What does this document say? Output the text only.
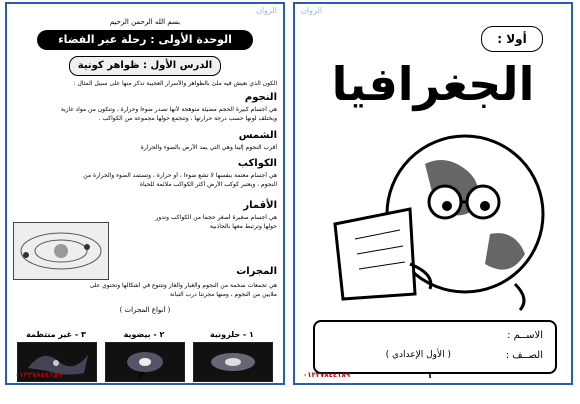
الروان
بسم الله الرحمن الرحيم
الوحدة الأولى : رحلة عبر الفضاء
الدرس الأول : ظواهر كونية
الكون الذي نعيش فيه ملئ بالظواهر والأسرار العجيبة نذكر منها على سبيل المثال :
النجوم
هي أجسام كبيرة الحجم مضيئة متوهجة لأنها تصدر ضوءاً وحرارة ، وتتكون من مواد غازية
ويختلف لونها حسب درجة حرارتها ، وتتجمع حولها مجموعة من الكواكب .
الشمس
أقرب النجوم إلينا وهي التي يمد الأرض بالضوء والحرارة
الكواكب
هي أجسام معتمة بنفسها لا تشع ضوءاً ، أو حرارة ، وتستمد الضوء والحرارة من
النجوم ، ويعتبر كوكب الأرض أكثر الكواكب ملائمة للحياة
الأقمار
هي أجسام صغيرة أصغر حجماً من الكواكب وتدور
حولها وترتبط معها بالجاذبية
المجرات
هي تجمعات ضخمة من النجوم والغبار والغاز وتتنوع في أشكالها وتحتوي على
ملايين من النجوم ، ومنها مجرتنا درب التبانة
( أنواع المجرات )
١ - حلزونية
٢ - بيضوية
٣ - غير منتظمة
٠١٢٢٧٨٤٤١٨٩	٢
الروان
أولا :
الجغرافيا
الاســم :
الصــف :
( الأول الإعدادي )
٠١٢٢٧٨٤٤١٨٩	١
